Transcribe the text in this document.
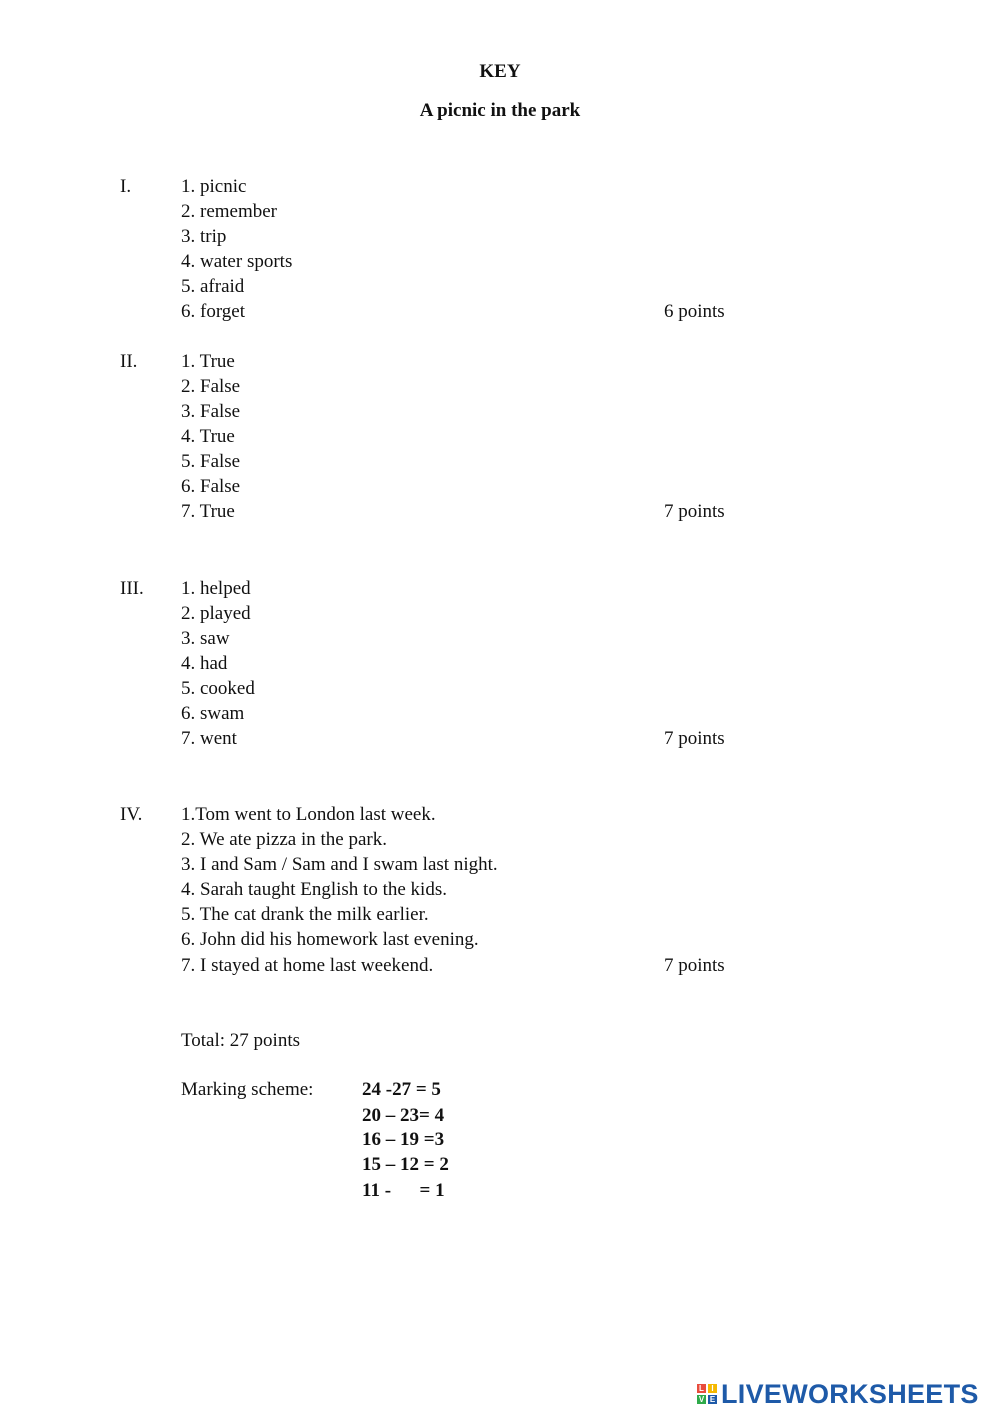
KEY
A picnic in the park
I.	1. picnic
2. remember
3. trip
4. water sports
5. afraid
6. forget	6 points
II. 1. True
2. False
3. False
4. True
5. False
6. False
7. True	7 points
III. 1. helped
2. played
3. saw
4. had
5. cooked
6. swam
7. went	7 points
IV. 1.Tom went to London last week.
2. We ate pizza in the park.
3. I and Sam / Sam and I swam last night.
4. Sarah taught English to the kids.
5. The cat drank the milk earlier.
6. John did his homework last evening.
7. I stayed at home last weekend.	7 points
Total: 27 points
Marking scheme:	24 -27 = 5
20 – 23= 4
16 – 19 =3
15 – 12 = 2
11 -      = 1
L I
V E LIVEWORKSHEETS
